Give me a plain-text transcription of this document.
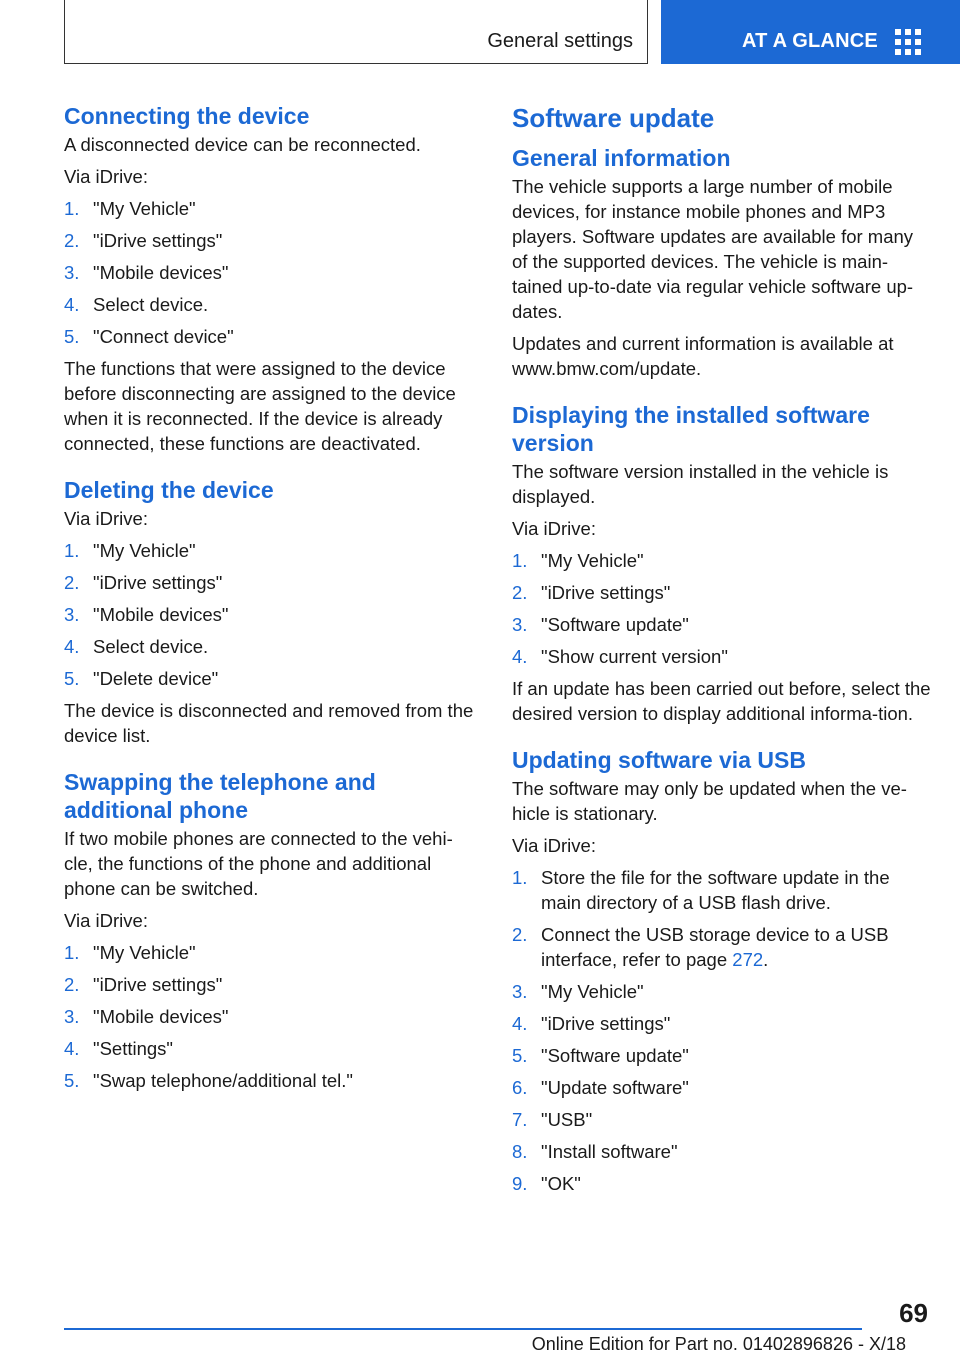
General settings	AT A GLANCE
Connecting the device

A disconnected device can be reconnected.

Via iDrive:

1. "My Vehicle"
2. "iDrive settings"
3. "Mobile devices"
4. Select device.
5. "Connect device"

The functions that were assigned to the device before disconnecting are assigned to the device when it is reconnected. If the device is already connected, these functions are deactivated.

Deleting the device

Via iDrive:

1. "My Vehicle"
2. "iDrive settings"
3. "Mobile devices"
4. Select device.
5. "Delete device"

The device is disconnected and removed from the device list.

Swapping the telephone and additional phone

If two mobile phones are connected to the vehi‐cle, the functions of the phone and additional phone can be switched.

Via iDrive:

1. "My Vehicle"
2. "iDrive settings"
3. "Mobile devices"
4. "Settings"
5. "Swap telephone/additional tel."
Software update
General information

The vehicle supports a large number of mobile devices, for instance mobile phones and MP3 players. Software updates are available for many of the supported devices. The vehicle is main‐tained up-to-date via regular vehicle software up‐dates.

Updates and current information is available at www.bmw.com/update.

Displaying the installed software version

The software version installed in the vehicle is displayed.

Via iDrive:

1. "My Vehicle"
2. "iDrive settings"
3. "Software update"
4. "Show current version"

If an update has been carried out before, select the desired version to display additional informa‐tion.

Updating software via USB

The software may only be updated when the ve‐hicle is stationary.

Via iDrive:

1. Store the file for the software update in the main directory of a USB flash drive.
2. Connect the USB storage device to a USB interface, refer to page 272.
3. "My Vehicle"
4. "iDrive settings"
5. "Software update"
6. "Update software"
7. "USB"
8. "Install software"
9. "OK"
69
Online Edition for Part no. 01402896826 - X/18
